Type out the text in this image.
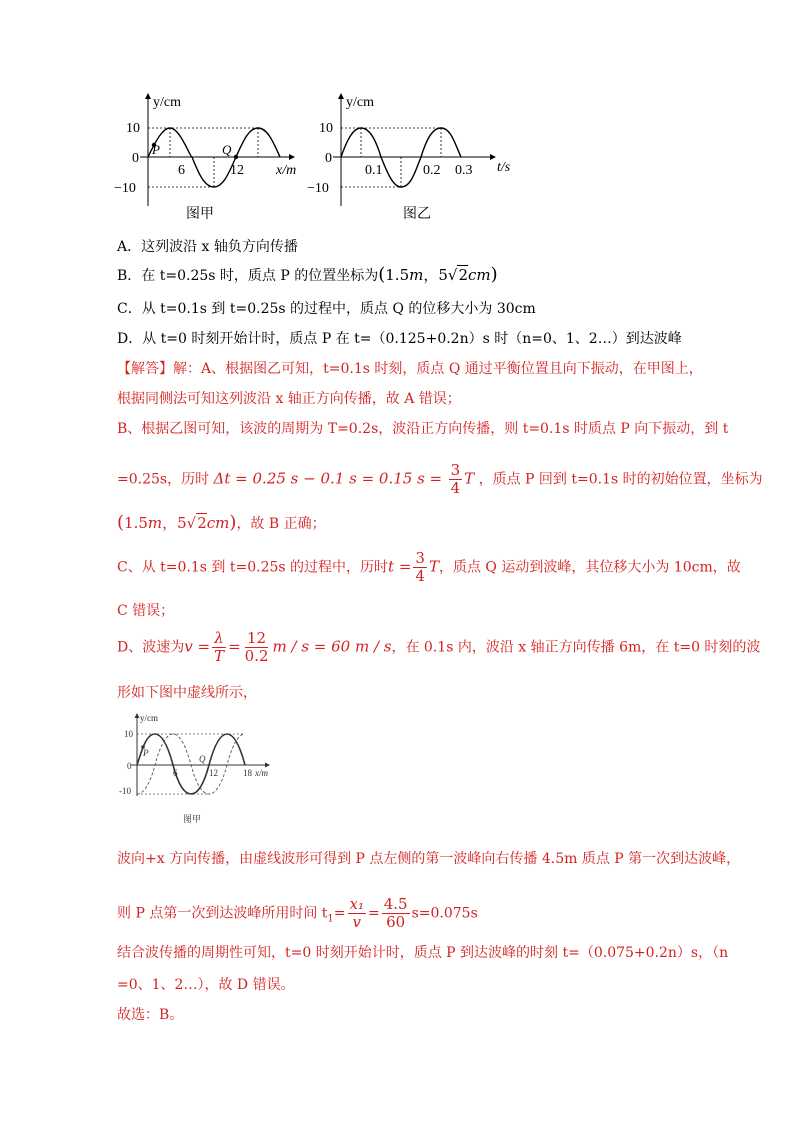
y/cm
x/m
10
0
−10
6	12
P	Q
图甲
y/cm
t/s
10
0
−10
0.1	0.2 0.3
图乙
A．这列波沿 x 轴负方向传播
B．在 t=0.25s 时，质点 P 的位置坐标为(1.5m，5√2cm)
C．从 t=0.1s 到 t=0.25s 的过程中，质点 Q 的位移大小为 30cm
D．从 t=0 时刻开始计时，质点 P 在 t=（0.125+0.2n）s 时（n=0、1、2…）到达波峰
【解答】解：A、根据图乙可知，t=0.1s 时刻，质点 Q 通过平衡位置且向下振动，在甲图上，
根据同侧法可知这列波沿 x 轴正方向传播，故 A 错误；
B、根据乙图可知，该波的周期为 T=0.2s，波沿正方向传播，则 t=0.1s 时质点 P 向下振动，到 t
=0.25s，历时 Δt = 0.25 s − 0.1 s = 0.15 $s = \frac{3}{4}$ T ，质点 P 回到 t=0.1s 时的初始位置，坐标为
(1.5m，5√2cm)，故 B 正确；
C、从 t=0.1s 到 t=0.25s 的过程中，历时$t = \frac{3}{4}$ T，质点 Q 运动到波峰，其位移大小为 10cm，故
C 错误；
D、波速为$v = \frac{\lambda}{T} = \frac{12}{0.2}$ m / s = 60 m / s，在 0.1s 内，波沿 x 轴正方向传播 6m，在 t=0 时刻的波
形如下图中虚线所示，
y/cm
x/m
10
0
-10
6	12	18
P
Q
图甲
波向+x 方向传播，由虚线波形可得到 P 点左侧的第一波峰向右传播 4.5m 质点 P 第一次到达波峰，
则 P 点第一次到达波峰所用时间 $t_1= \frac{\text{x₁}}{v} = \frac{4.5}{60} s=0.075s$
结合波传播的周期性可知，t=0 时刻开始计时，质点 P 到达波峰的时刻 t=（0.075+0.2n）s，（n
=0、1、2…），故 D 错误。
故选：B。
